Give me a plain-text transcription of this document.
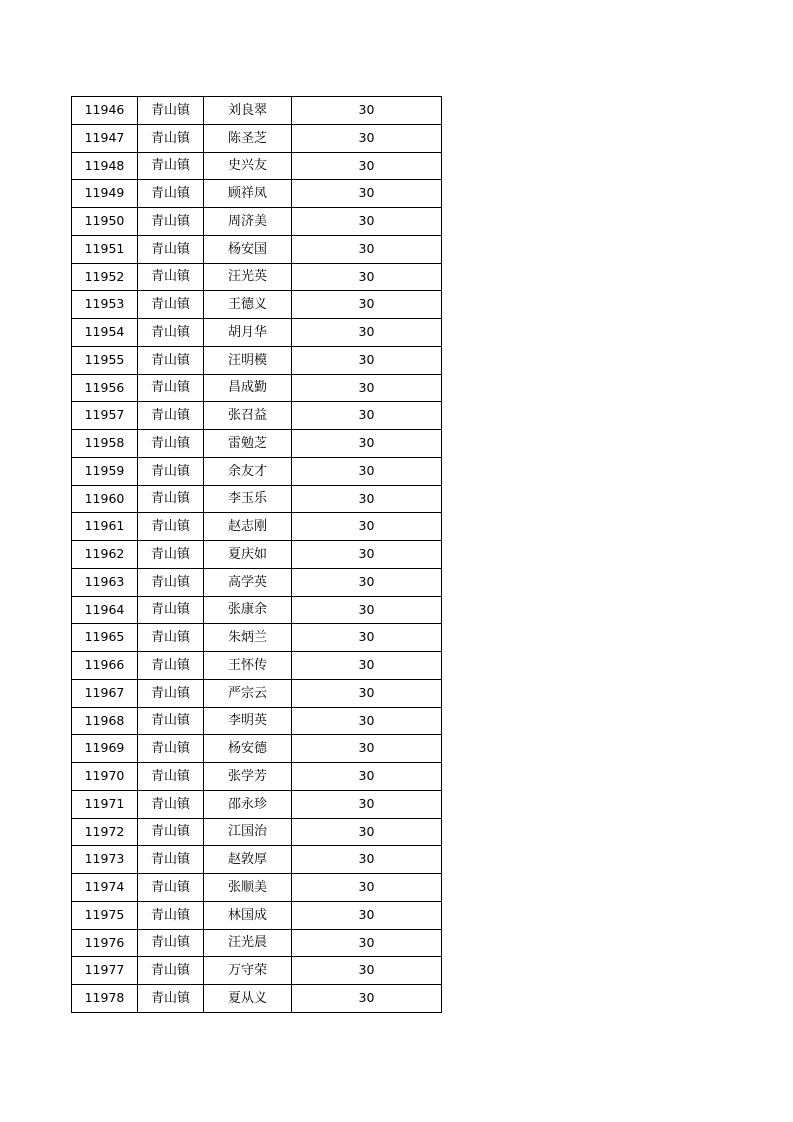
11946	青山镇	刘良翠	30
11947	青山镇	陈圣芝	30
11948	青山镇	史兴友	30
11949	青山镇	顾祥凤	30
11950	青山镇	周济美	30
11951	青山镇	杨安国	30
11952	青山镇	汪光英	30
11953	青山镇	王德义	30
11954	青山镇	胡月华	30
11955	青山镇	汪明模	30
11956	青山镇	昌成勤	30
11957	青山镇	张召益	30
11958	青山镇	雷勉芝	30
11959	青山镇	余友才	30
11960	青山镇	李玉乐	30
11961	青山镇	赵志刚	30
11962	青山镇	夏庆如	30
11963	青山镇	高学英	30
11964	青山镇	张康余	30
11965	青山镇	朱炳兰	30
11966	青山镇	王怀传	30
11967	青山镇	严宗云	30
11968	青山镇	李明英	30
11969	青山镇	杨安德	30
11970	青山镇	张学芳	30
11971	青山镇	邵永珍	30
11972	青山镇	江国治	30
11973	青山镇	赵敦厚	30
11974	青山镇	张顺美	30
11975	青山镇	林国成	30
11976	青山镇	汪光晨	30
11977	青山镇	万守荣	30
11978	青山镇	夏从义	30
